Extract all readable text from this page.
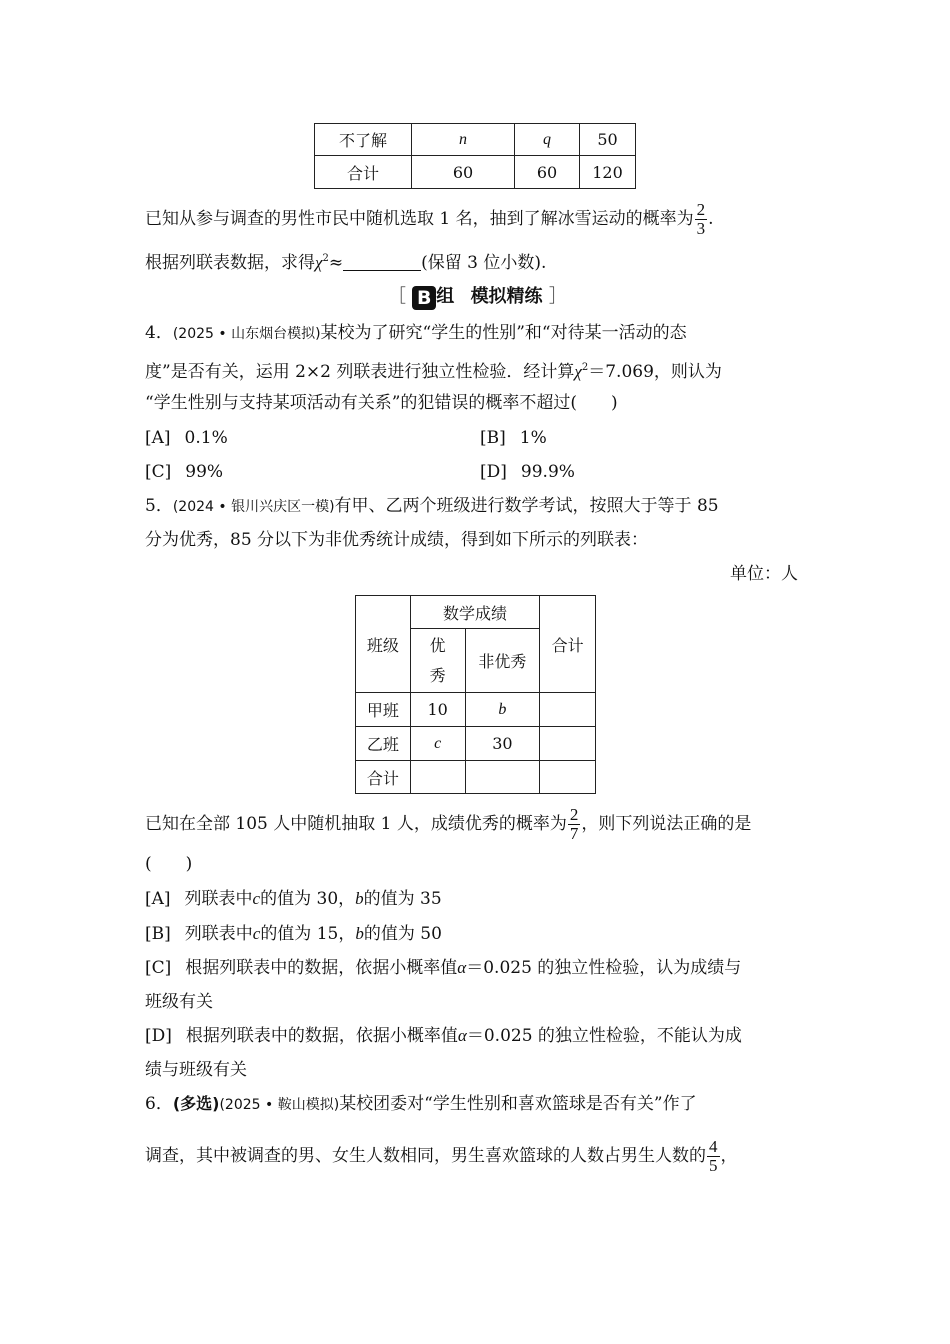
不了解	n	q	50
合计	60	60	120
已知从参与调查的男性市民中随机选取 1 名，抽到了解冰雪运动的概率为 $\frac{2}{3}$ .
根据列联表数据，求得$\chi^2\approx$	(保留 3 位小数).
［ B 组 模拟精练 ］
4．(2025 • 山东烟台模拟)某校为了研究“学生的性别”和“对待某一活动的态
度”是否有关，运用 2×2 列联表进行独立性检验．经计算$\chi^2=7.069$，则认为
“学生性别与支持某项活动有关系”的犯错误的概率不超过(　　)
[A] 0.1%	[B] 1%
[C] 99%	[D] 99.9%
5．(2024 • 银川兴庆区一模)有甲、乙两个班级进行数学考试，按照大于等于 85
分为优秀，85 分以下为非优秀统计成绩，得到如下所示的列联表：
单位：人
班级	数学成绩		合计

	优秀	非优秀	
甲班	10	b	
乙班	c	30	
合计			
已知在全部 105 人中随机抽取 1 人，成绩优秀的概率为 $\frac{2}{7}$ ，则下列说法正确的是
(　　)
[A] 列联表中c的值为 30，b的值为 35
[B] 列联表中c的值为 15，b的值为 50
[C] 根据列联表中的数据，依据小概率值α＝0.025 的独立性检验，认为成绩与
班级有关
[D] 根据列联表中的数据，依据小概率值α＝0.025 的独立性检验，不能认为成
绩与班级有关
6．(多选)(2025 • 鞍山模拟)某校团委对“学生性别和喜欢篮球是否有关”作了
调查，其中被调查的男、女生人数相同，男生喜欢篮球的人数占男生人数的 $\frac{4}{5}$ ，
